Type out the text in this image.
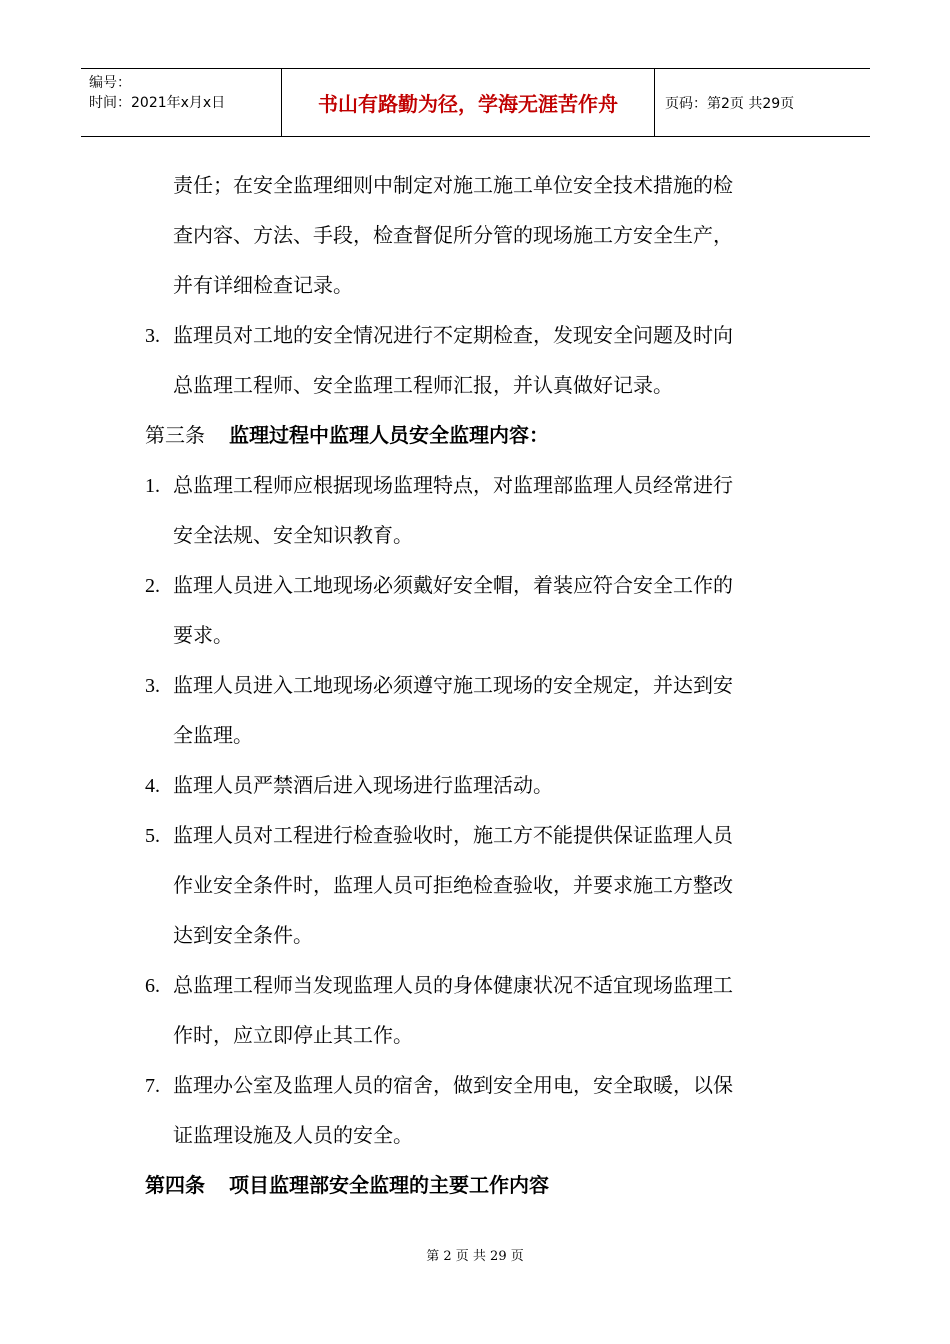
编号：
时间：2021年x月x日	书山有路勤为径，学海无涯苦作舟	页码：第2页 共29页
责任；在安全监理细则中制定对施工施工单位安全技术措施的检
查内容、方法、手段，检查督促所分管的现场施工方安全生产，
并有详细检查记录。
3. 监理员对工地的安全情况进行不定期检查，发现安全问题及时向
总监理工程师、安全监理工程师汇报，并认真做好记录。
第三条 监理过程中监理人员安全监理内容：
1. 总监理工程师应根据现场监理特点，对监理部监理人员经常进行
安全法规、安全知识教育。
2. 监理人员进入工地现场必须戴好安全帽，着装应符合安全工作的
要求。
3. 监理人员进入工地现场必须遵守施工现场的安全规定，并达到安
全监理。
4. 监理人员严禁酒后进入现场进行监理活动。
5. 监理人员对工程进行检查验收时，施工方不能提供保证监理人员
作业安全条件时，监理人员可拒绝检查验收，并要求施工方整改
达到安全条件。
6. 总监理工程师当发现监理人员的身体健康状况不适宜现场监理工
作时，应立即停止其工作。
7. 监理办公室及监理人员的宿舍，做到安全用电，安全取暖，以保
证监理设施及人员的安全。
第四条 项目监理部安全监理的主要工作内容
第 2 页 共 29 页
